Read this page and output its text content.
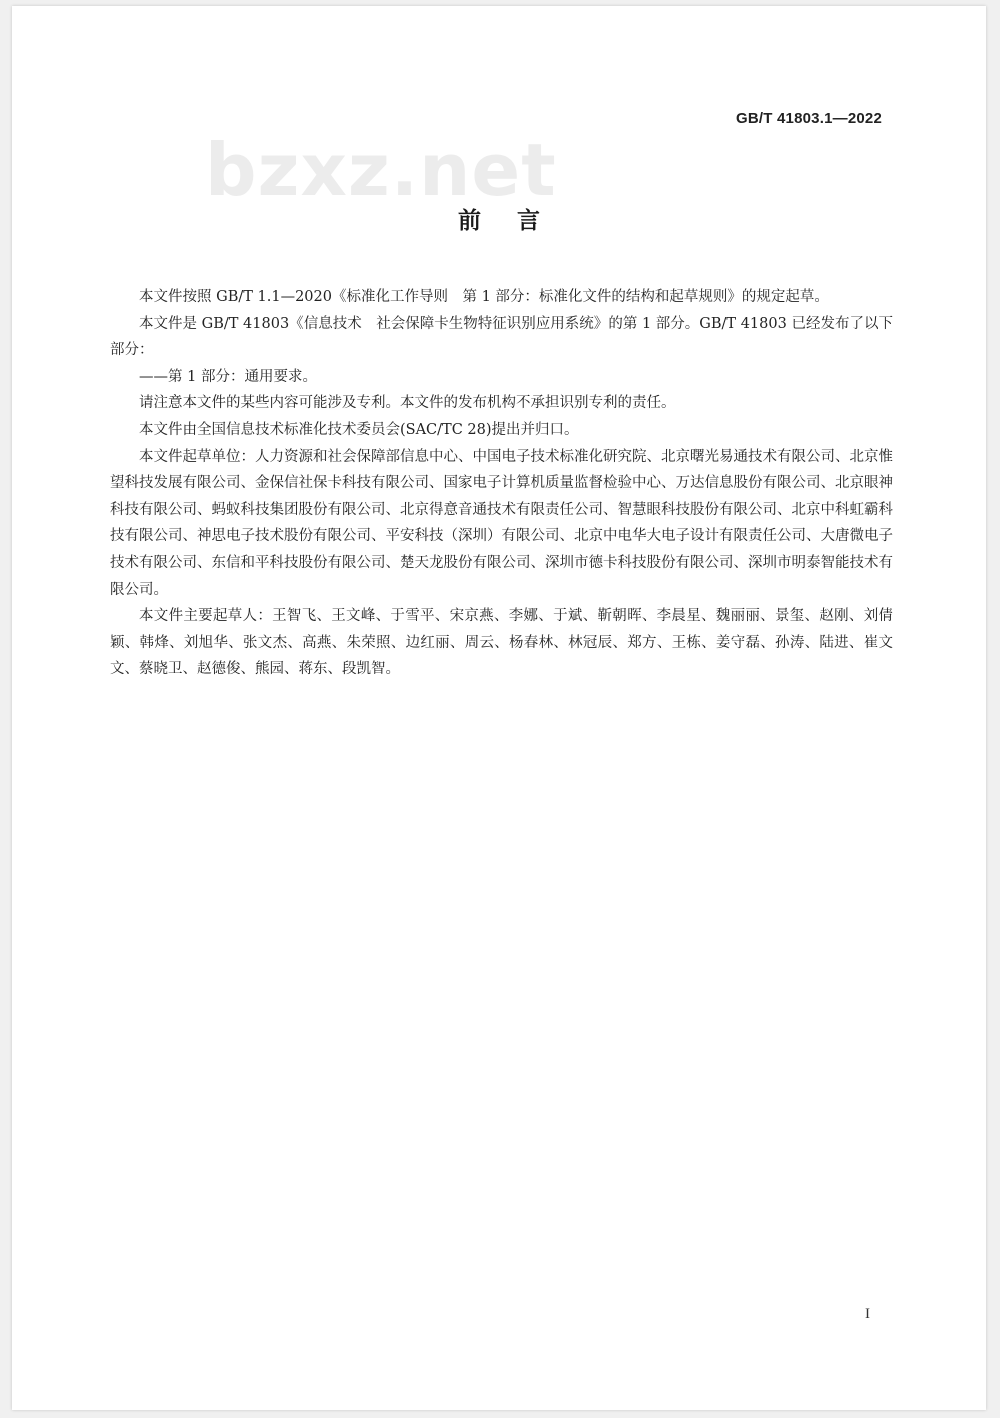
bzxz.net
GB/T 41803.1—2022
前言

本文件按照 GB/T 1.1—2020《标准化工作导则　第 1 部分：标准化文件的结构和起草规则》的规定起草。

本文件是 GB/T 41803《信息技术　社会保障卡生物特征识别应用系统》的第 1 部分。GB/T 41803 已经发布了以下部分：

——第 1 部分：通用要求。

请注意本文件的某些内容可能涉及专利。本文件的发布机构不承担识别专利的责任。

本文件由全国信息技术标准化技术委员会(SAC/TC 28)提出并归口。

本文件起草单位：人力资源和社会保障部信息中心、中国电子技术标准化研究院、北京曙光易通技术有限公司、北京惟望科技发展有限公司、金保信社保卡科技有限公司、国家电子计算机质量监督检验中心、万达信息股份有限公司、北京眼神科技有限公司、蚂蚁科技集团股份有限公司、北京得意音通技术有限责任公司、智慧眼科技股份有限公司、北京中科虹霸科技有限公司、神思电子技术股份有限公司、平安科技（深圳）有限公司、北京中电华大电子设计有限责任公司、大唐微电子技术有限公司、东信和平科技股份有限公司、楚天龙股份有限公司、深圳市德卡科技股份有限公司、深圳市明泰智能技术有限公司。

本文件主要起草人：王智飞、王文峰、于雪平、宋京燕、李娜、于斌、靳朝晖、李晨星、魏丽丽、景玺、赵刚、刘倩颖、韩烽、刘旭华、张文杰、高燕、朱荣照、边红丽、周云、杨春林、林冠辰、郑方、王栋、姜守磊、孙涛、陆进、崔文文、蔡晓卫、赵德俊、熊园、蒋东、段凯智。

I
